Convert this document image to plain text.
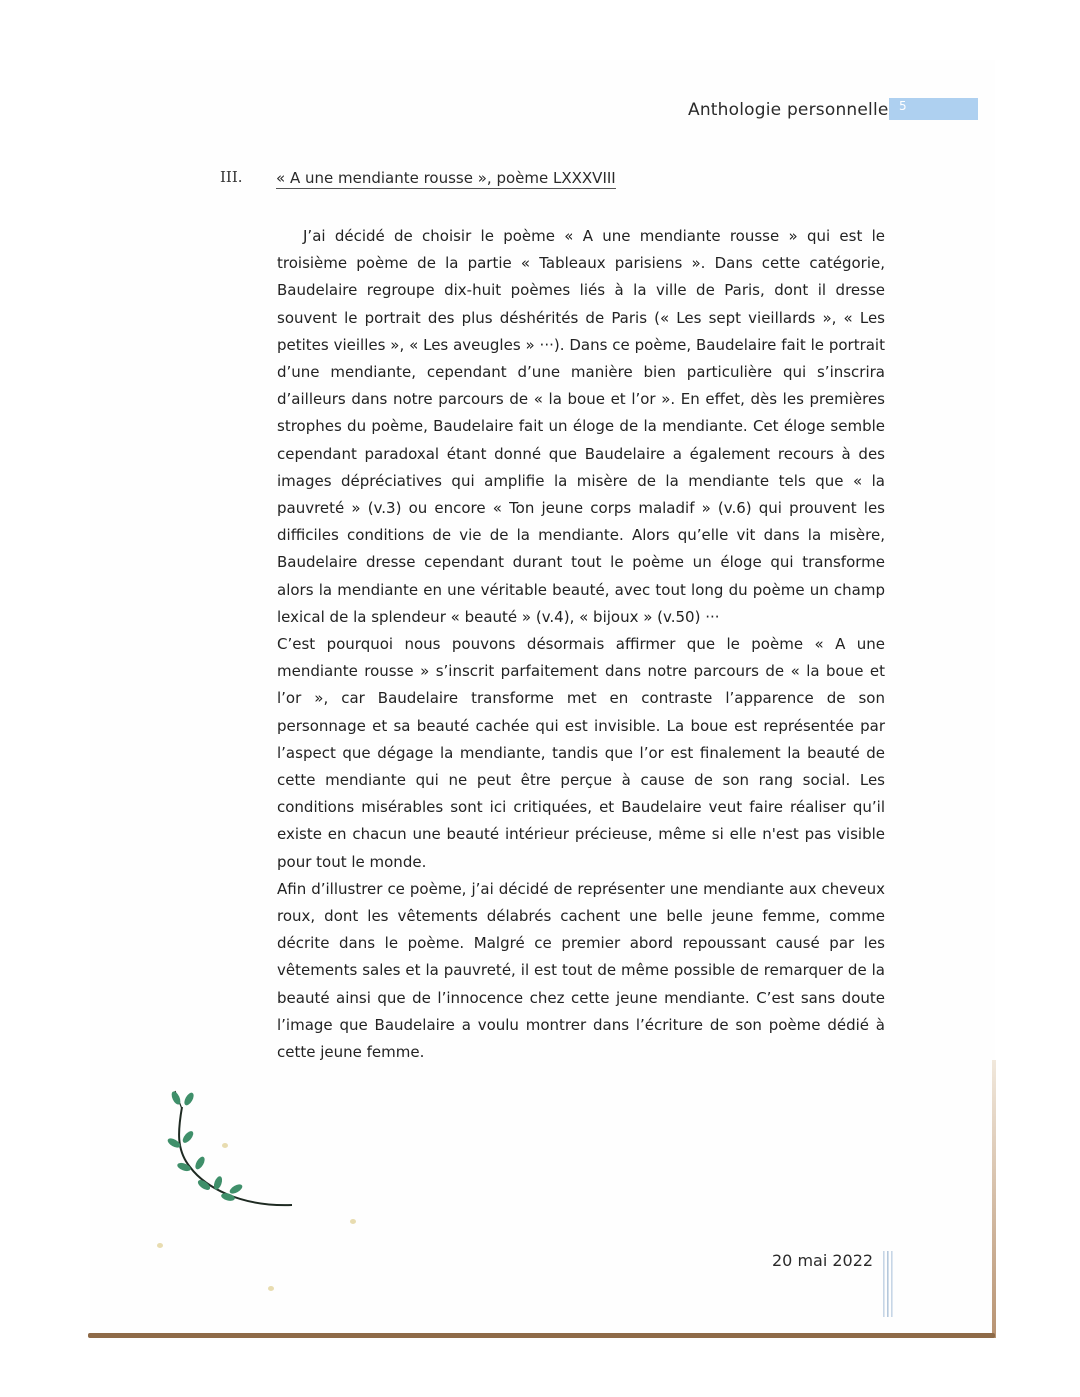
Anthologie personnelle 5
III. « A une mendiante rousse », poème LXXXVIII

J’ai décidé de choisir le poème « A une mendiante rousse » qui est le troisième poème de la partie « Tableaux parisiens ». Dans cette catégorie, Baudelaire regroupe dix-huit poèmes liés à la ville de Paris, dont il dresse souvent le portrait des plus déshérités de Paris (« Les sept vieillards », « Les petites vieilles », « Les aveugles » ···). Dans ce poème, Baudelaire fait le portrait d’une mendiante, cependant d’une manière bien particulière qui s’inscrira d’ailleurs dans notre parcours de « la boue et l’or ». En effet, dès les premières strophes du poème, Baudelaire fait un éloge de la mendiante. Cet éloge semble cependant paradoxal étant donné que Baudelaire a également recours à des images dépréciatives qui amplifie la misère de la mendiante tels que « la pauvreté » (v.3) ou encore « Ton jeune corps maladif » (v.6) qui prouvent les difficiles conditions de vie de la mendiante. Alors qu’elle vit dans la misère, Baudelaire dresse cependant durant tout le poème un éloge qui transforme alors la mendiante en une véritable beauté, avec tout long du poème un champ lexical de la splendeur « beauté » (v.4), « bijoux » (v.50) ···

C’est pourquoi nous pouvons désormais affirmer que le poème « A une mendiante rousse » s’inscrit parfaitement dans notre parcours de « la boue et l’or », car Baudelaire transforme met en contraste l’apparence de son personnage et sa beauté cachée qui est invisible. La boue est représentée par l’aspect que dégage la mendiante, tandis que l’or est finalement la beauté de cette mendiante qui ne peut être perçue à cause de son rang social. Les conditions misérables sont ici critiquées, et Baudelaire veut faire réaliser qu’il existe en chacun une beauté intérieur précieuse, même si elle n'est pas visible pour tout le monde.

Afin d’illustrer ce poème, j’ai décidé de représenter une mendiante aux cheveux roux, dont les vêtements délabrés cachent une belle jeune femme, comme décrite dans le poème. Malgré ce premier abord repoussant causé par les vêtements sales et la pauvreté, il est tout de même possible de remarquer de la beauté ainsi que de l’innocence chez cette jeune mendiante. C’est sans doute l’image que Baudelaire a voulu montrer dans l’écriture de son poème dédié à cette jeune femme.

20 mai 2022
